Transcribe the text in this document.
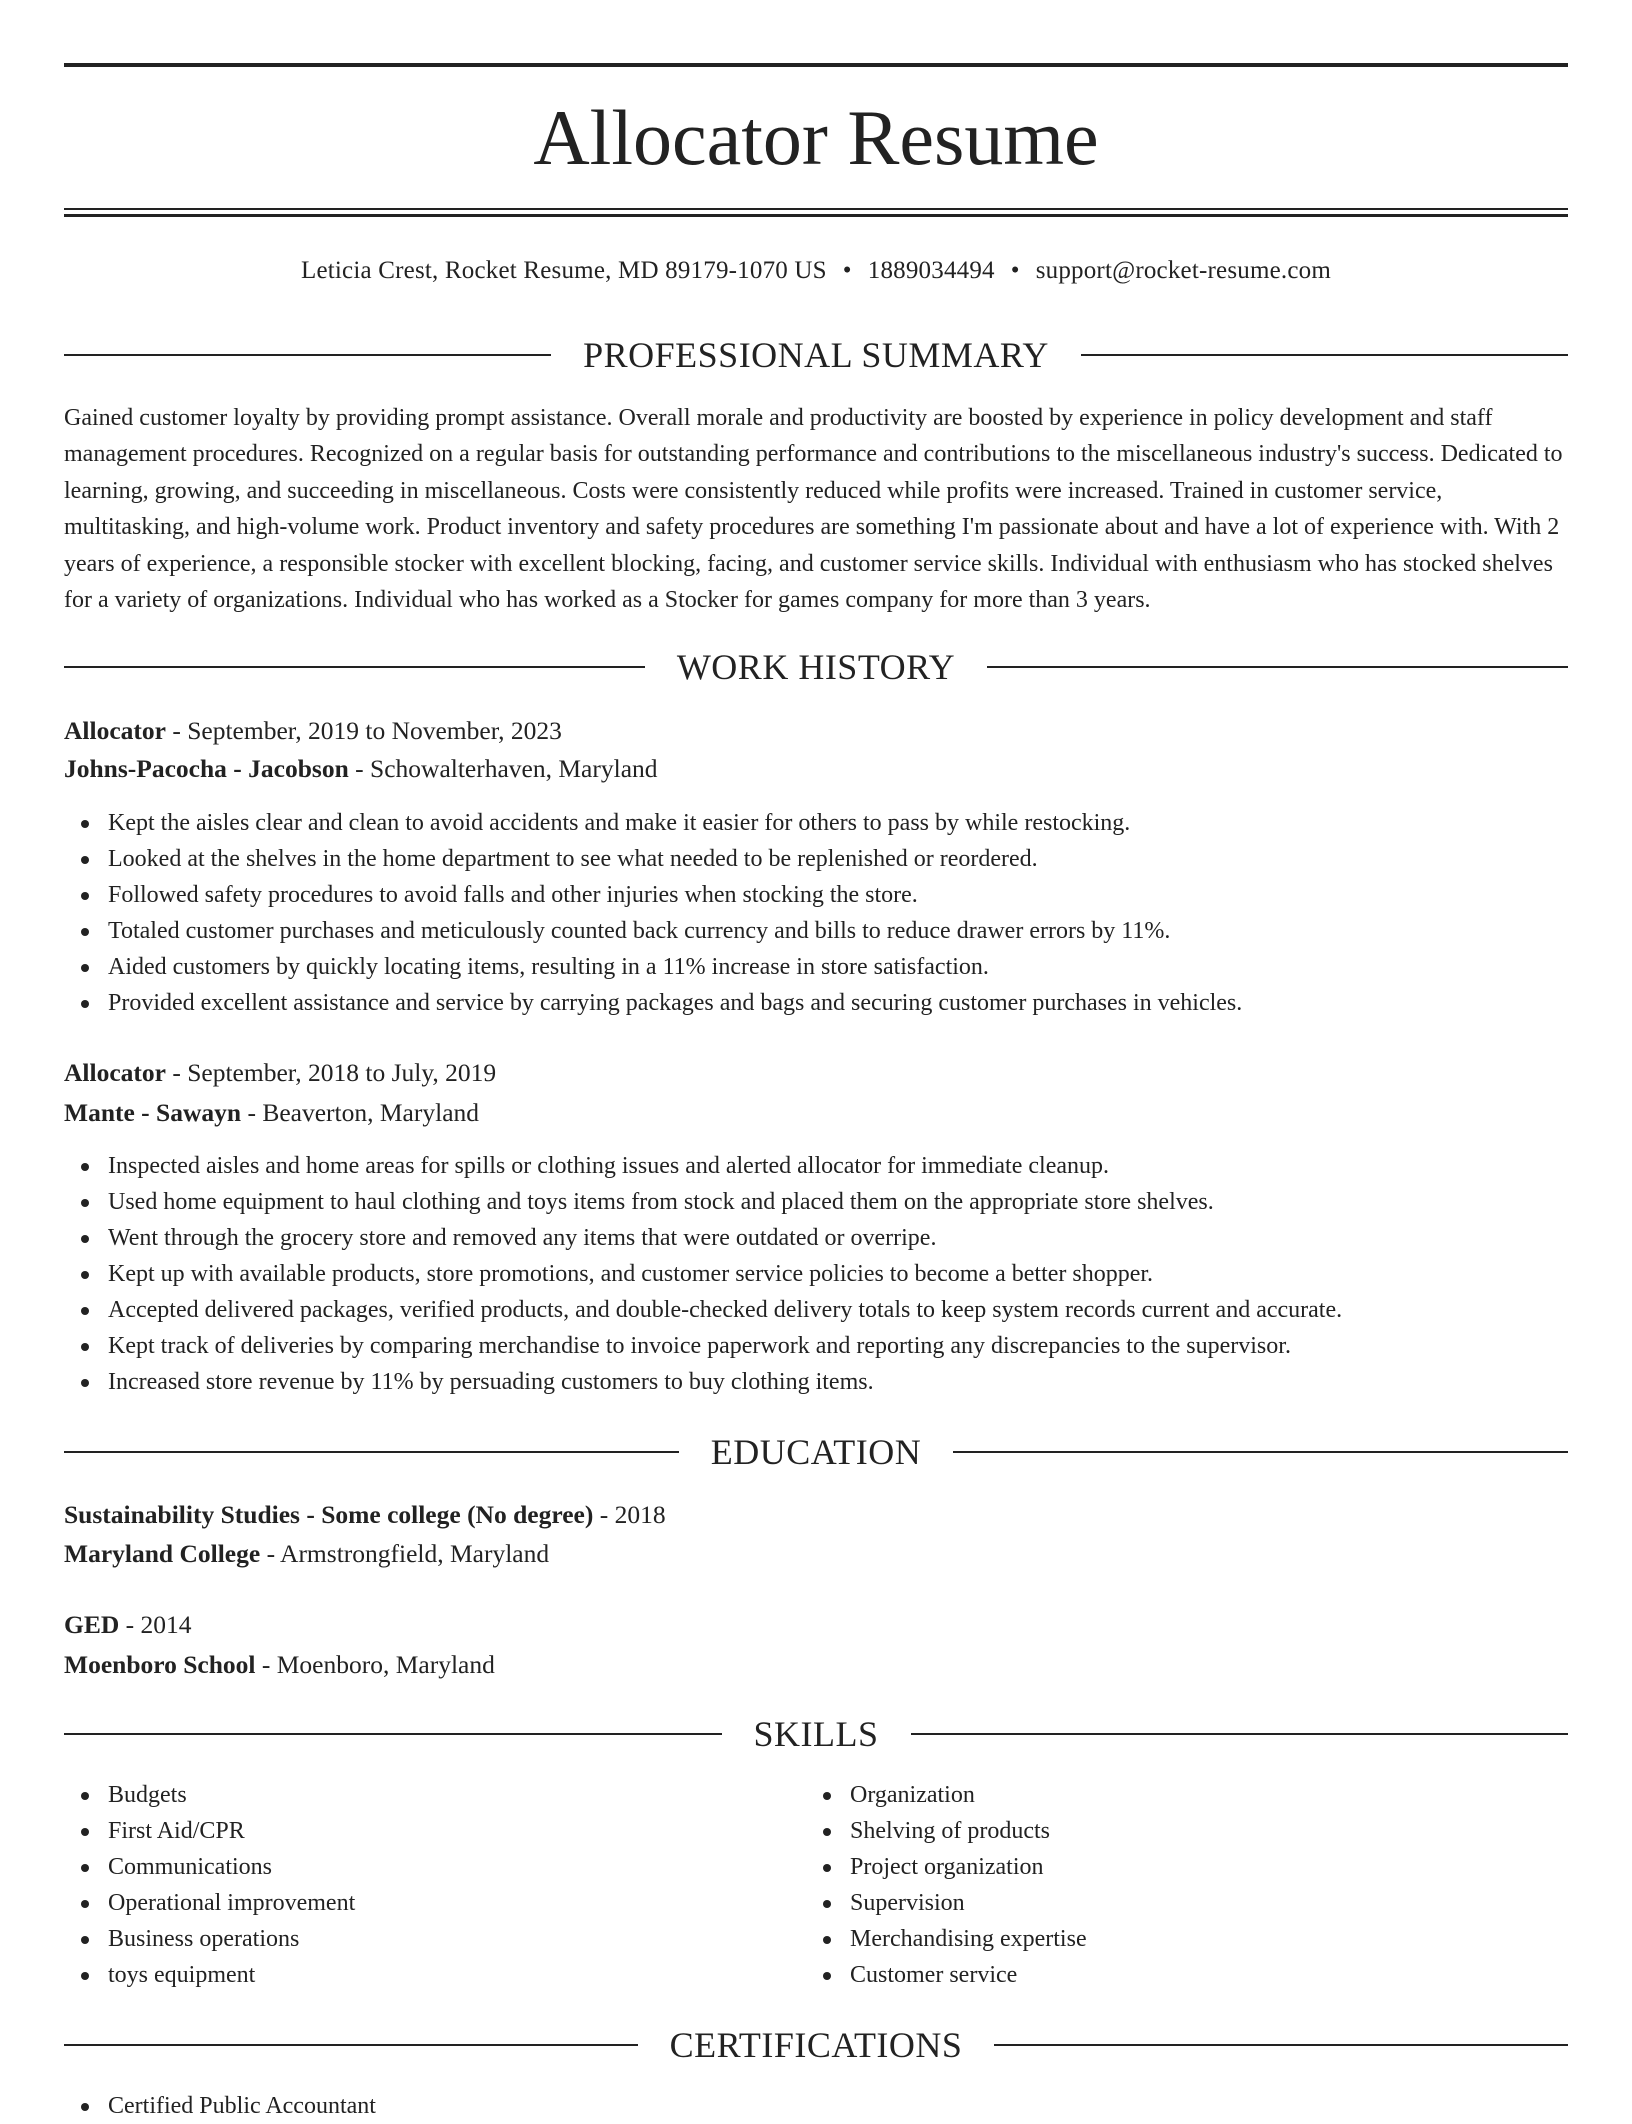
Allocator Resume
Leticia Crest, Rocket Resume, MD 89179-1070 US • 1889034494 • support@rocket-resume.com
PROFESSIONAL SUMMARY
Gained customer loyalty by providing prompt assistance. Overall morale and productivity are boosted by experience in policy development and staff management procedures. Recognized on a regular basis for outstanding performance and contributions to the miscellaneous industry's success. Dedicated to learning, growing, and succeeding in miscellaneous. Costs were consistently reduced while profits were increased. Trained in customer service, multitasking, and high-volume work. Product inventory and safety procedures are something I'm passionate about and have a lot of experience with. With 2 years of experience, a responsible stocker with excellent blocking, facing, and customer service skills. Individual with enthusiasm who has stocked shelves for a variety of organizations. Individual who has worked as a Stocker for games company for more than 3 years.
WORK HISTORY
Allocator - September, 2019 to November, 2023
Johns-Pacocha - Jacobson - Schowalterhaven, Maryland
Kept the aisles clear and clean to avoid accidents and make it easier for others to pass by while restocking.
Looked at the shelves in the home department to see what needed to be replenished or reordered.
Followed safety procedures to avoid falls and other injuries when stocking the store.
Totaled customer purchases and meticulously counted back currency and bills to reduce drawer errors by 11%.
Aided customers by quickly locating items, resulting in a 11% increase in store satisfaction.
Provided excellent assistance and service by carrying packages and bags and securing customer purchases in vehicles.
Allocator - September, 2018 to July, 2019
Mante - Sawayn - Beaverton, Maryland
Inspected aisles and home areas for spills or clothing issues and alerted allocator for immediate cleanup.
Used home equipment to haul clothing and toys items from stock and placed them on the appropriate store shelves.
Went through the grocery store and removed any items that were outdated or overripe.
Kept up with available products, store promotions, and customer service policies to become a better shopper.
Accepted delivered packages, verified products, and double-checked delivery totals to keep system records current and accurate.
Kept track of deliveries by comparing merchandise to invoice paperwork and reporting any discrepancies to the supervisor.
Increased store revenue by 11% by persuading customers to buy clothing items.
EDUCATION
Sustainability Studies - Some college (No degree) - 2018
Maryland College - Armstrongfield, Maryland
GED - 2014
Moenboro School - Moenboro, Maryland
SKILLS
Budgets
First Aid/CPR
Communications
Operational improvement
Business operations
toys equipment
Organization
Shelving of products
Project organization
Supervision
Merchandising expertise
Customer service
CERTIFICATIONS
Certified Public Accountant
